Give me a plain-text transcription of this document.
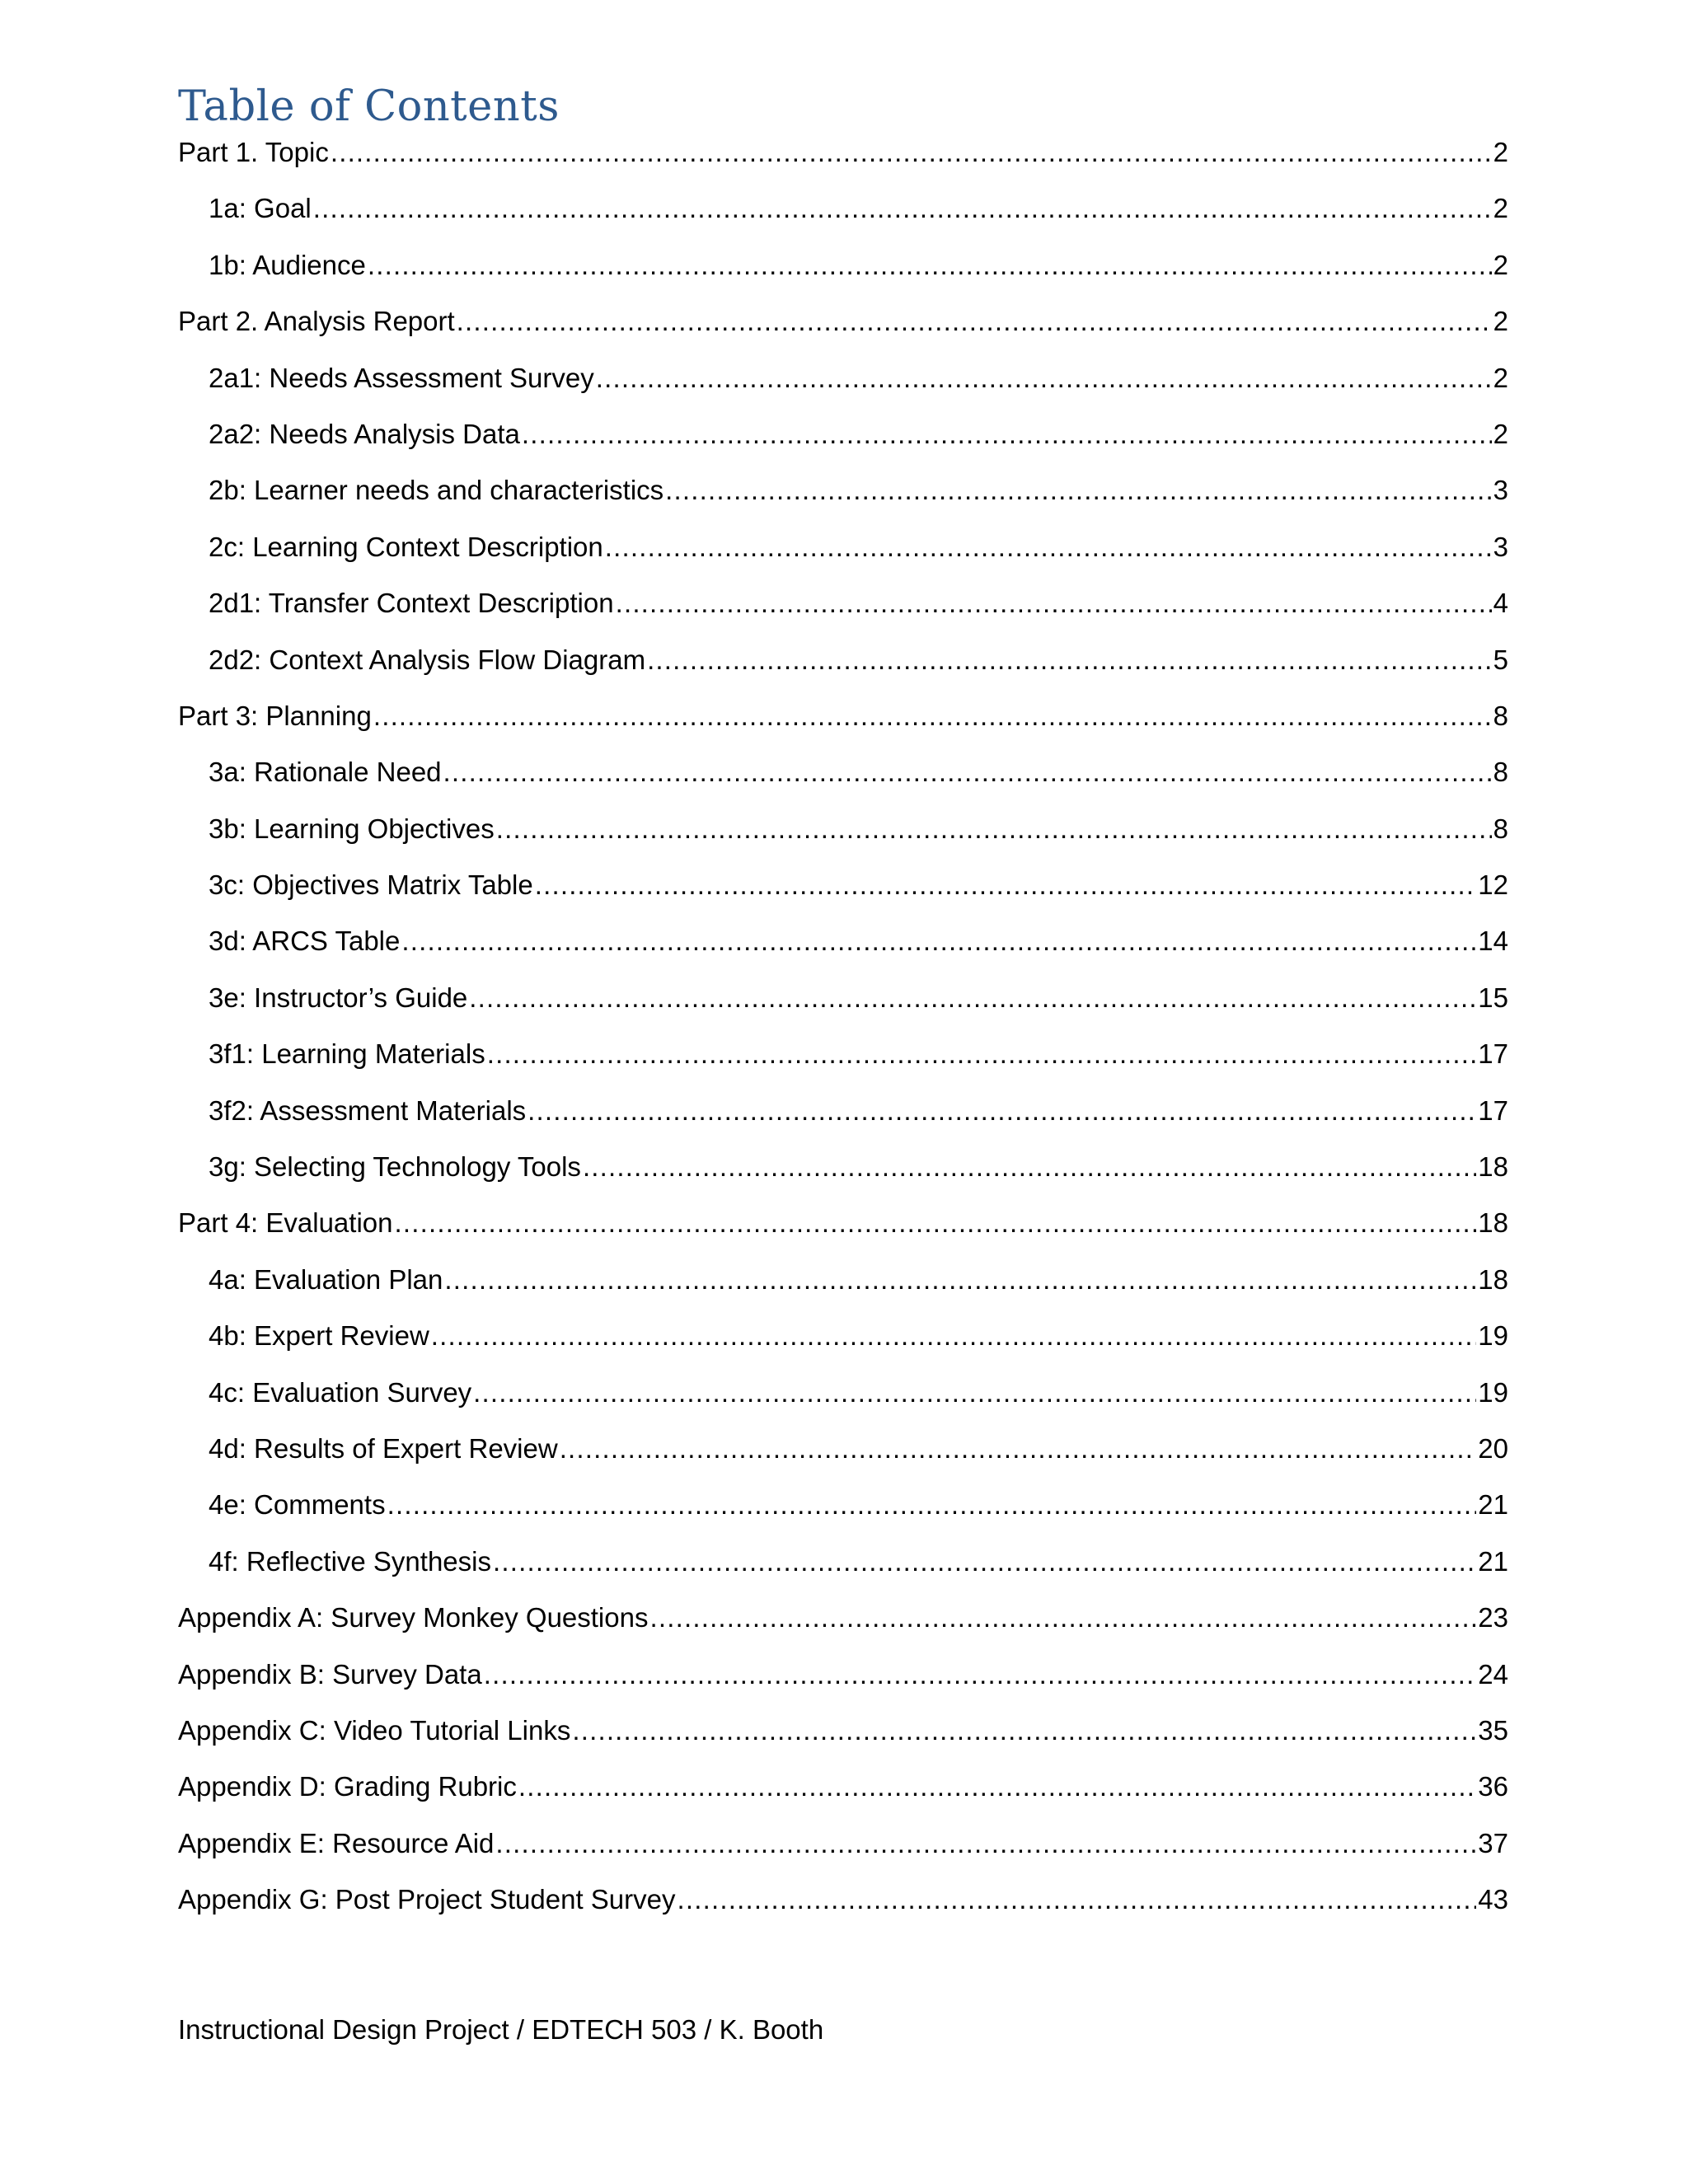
Table of Contents
Part 1. Topic .....	2
1a: Goal .....	2
1b: Audience .....	2
Part 2. Analysis Report .....	2
2a1: Needs Assessment Survey .....	2
2a2: Needs Analysis Data .....	2
2b: Learner needs and characteristics .....	3
2c: Learning Context Description .....	3
2d1: Transfer Context Description .....	4
2d2: Context Analysis Flow Diagram .....	5
Part 3: Planning .....	8
3a: Rationale Need .....	8
3b: Learning Objectives .....	8
3c: Objectives Matrix Table .....	12
3d: ARCS Table .....	14
3e: Instructor’s Guide .....	15
3f1: Learning Materials .....	17
3f2: Assessment Materials .....	17
3g: Selecting Technology Tools .....	18
Part 4: Evaluation .....	18
4a: Evaluation Plan .....	18
4b: Expert Review .....	19
4c: Evaluation Survey .....	19
4d: Results of Expert Review .....	20
4e: Comments .....	21
4f: Reflective Synthesis .....	21
Appendix A: Survey Monkey Questions .....	23
Appendix B: Survey Data .....	24
Appendix C: Video Tutorial Links .....	35
Appendix D: Grading Rubric .....	36
Appendix E: Resource Aid .....	37
Appendix G: Post Project Student Survey .....	43

Instructional Design Project / EDTECH 503 / K. Booth
